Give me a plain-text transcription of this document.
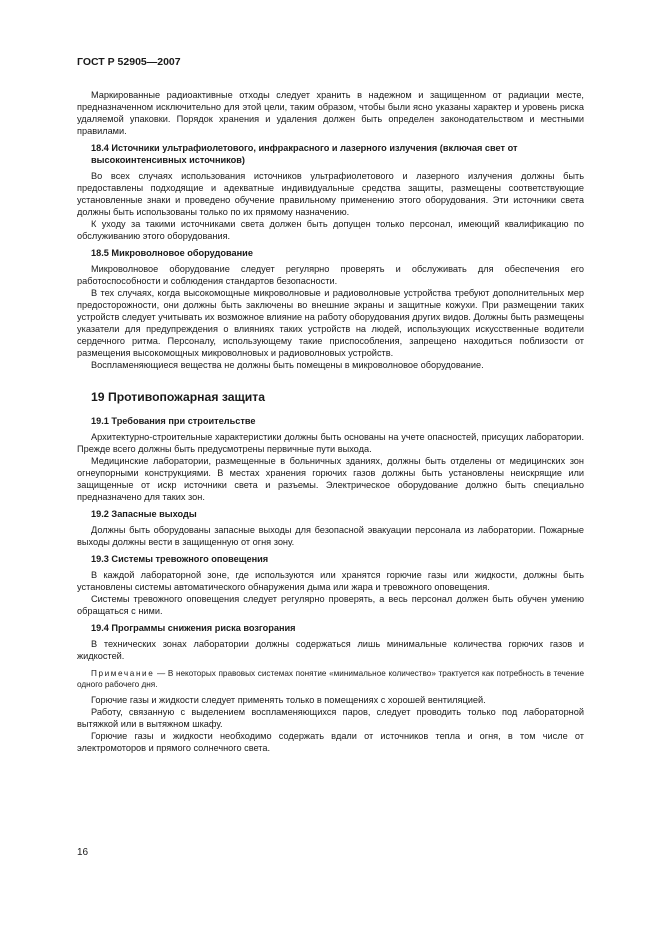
ГОСТ Р 52905—2007

Маркированные радиоактивные отходы следует хранить в надежном и защищенном от радиации месте, предназначенном исключительно для этой цели, таким образом, чтобы были ясно указаны характер и уровень риска удаляемой упаковки. Порядок хранения и удаления должен быть определен законодательством и местными правилами.

18.4 Источники ультрафиолетового, инфракрасного и лазерного излучения (включая свет от высокоинтенсивных источников)

Во всех случаях использования источников ультрафиолетового и лазерного излучения должны быть предоставлены подходящие и адекватные индивидуальные средства защиты, размещены соответствующие установленные знаки и проведено обучение правильному применению этого оборудования. Эти источники света должны быть использованы только по их прямому назначению.

К уходу за такими источниками света должен быть допущен только персонал, имеющий квалификацию по обслуживанию этого оборудования.

18.5 Микроволновое оборудование

Микроволновое оборудование следует регулярно проверять и обслуживать для обеспечения его работоспособности и соблюдения стандартов безопасности.

В тех случаях, когда высокомощные микроволновые и радиоволновые устройства требуют дополнительных мер предосторожности, они должны быть заключены во внешние экраны и защитные кожухи. При размещении таких устройств следует учитывать их возможное влияние на работу оборудования других видов. Должны быть размещены указатели для предупреждения о влияниях таких устройств на людей, использующих искусственные водители сердечного ритма. Персоналу, использующему такие приспособления, запрещено находиться поблизости от размещения высокомощных микроволновых и радиоволновых устройств.

Воспламеняющиеся вещества не должны быть помещены в микроволновое оборудование.

19 Противопожарная защита
19.1 Требования при строительстве

Архитектурно-строительные характеристики должны быть основаны на учете опасностей, присущих лаборатории. Прежде всего должны быть предусмотрены первичные пути выхода.

Медицинские лаборатории, размещенные в больничных зданиях, должны быть отделены от медицинских зон огнеупорными конструкциями. В местах хранения горючих газов должны быть установлены неискрящие или защищенные от искр источники света и разъемы. Электрическое оборудование должно быть специально предназначено для таких зон.

19.2 Запасные выходы

Должны быть оборудованы запасные выходы для безопасной эвакуации персонала из лаборатории. Пожарные выходы должны вести в защищенную от огня зону.

19.3 Системы тревожного оповещения

В каждой лабораторной зоне, где используются или хранятся горючие газы или жидкости, должны быть установлены системы автоматического обнаружения дыма или жара и тревожного оповещения.

Системы тревожного оповещения следует регулярно проверять, а весь персонал должен быть обучен умению обращаться с ними.

19.4 Программы снижения риска возгорания

В технических зонах лаборатории должны содержаться лишь минимальные количества горючих газов и жидкостей.

Примечание — В некоторых правовых системах понятие «минимальное количество» трактуется как потребность в течение одного рабочего дня.

Горючие газы и жидкости следует применять только в помещениях с хорошей вентиляцией.

Работу, связанную с выделением воспламеняющихся паров, следует проводить только под лабораторной вытяжкой или в вытяжном шкафу.

Горючие газы и жидкости необходимо содержать вдали от источников тепла и огня, в том числе от электромоторов и прямого солнечного света.

16
